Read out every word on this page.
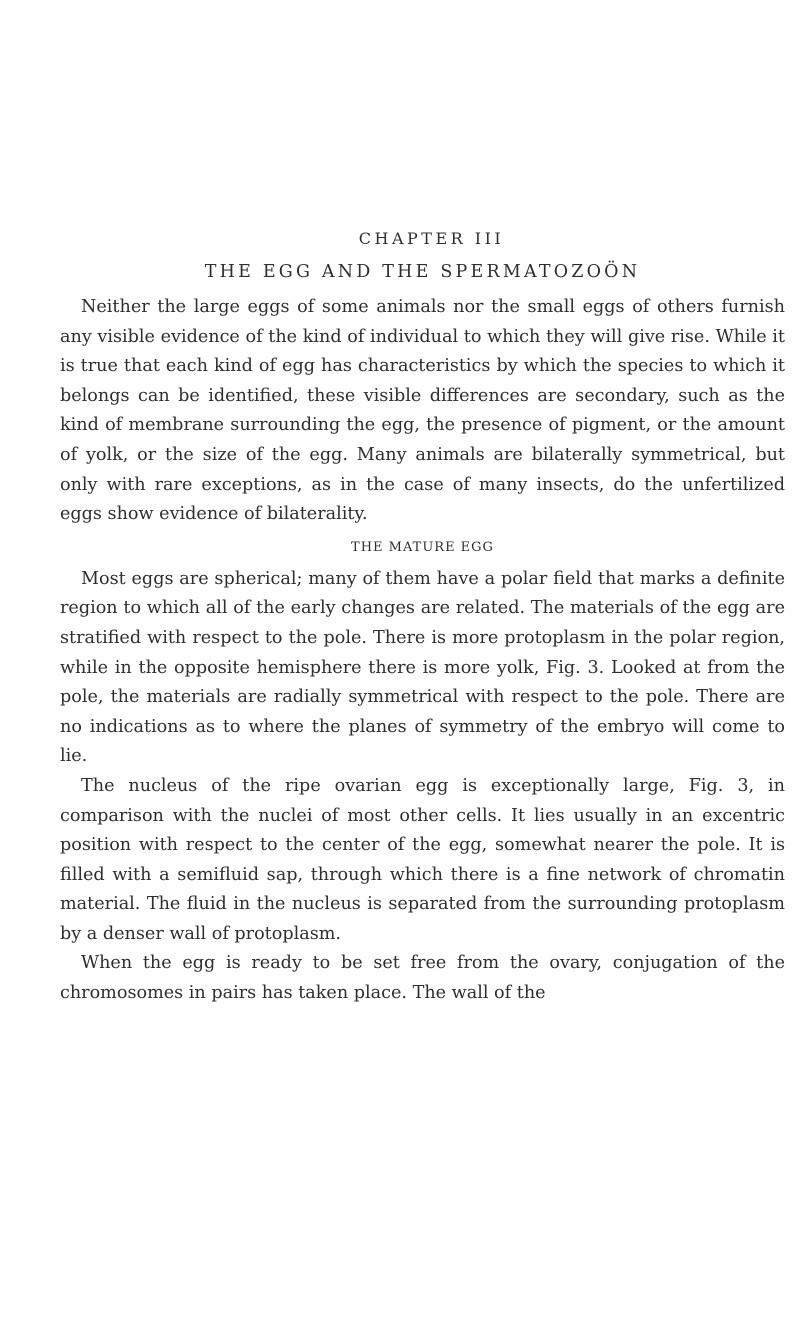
CHAPTER III
THE EGG AND THE SPERMATOZOÖN

Neither the large eggs of some animals nor the small eggs of others furnish any visible evidence of the kind of individual to which they will give rise. While it is true that each kind of egg has characteristics by which the species to which it belongs can be identified, these visible differences are secondary, such as the kind of membrane surrounding the egg, the presence of pigment, or the amount of yolk, or the size of the egg. Many animals are bilaterally symmetrical, but only with rare exceptions, as in the case of many insects, do the unfertilized eggs show evidence of bilaterality.

THE MATURE EGG

Most eggs are spherical; many of them have a polar field that marks a definite region to which all of the early changes are related. The materials of the egg are stratified with respect to the pole. There is more protoplasm in the polar region, while in the opposite hemisphere there is more yolk, Fig. 3. Looked at from the pole, the materials are radially symmetrical with respect to the pole. There are no indications as to where the planes of symmetry of the embryo will come to lie.

The nucleus of the ripe ovarian egg is exceptionally large, Fig. 3, in comparison with the nuclei of most other cells. It lies usually in an excentric position with respect to the center of the egg, somewhat nearer the pole. It is filled with a semifluid sap, through which there is a fine network of chromatin material. The fluid in the nucleus is separated from the surrounding protoplasm by a denser wall of protoplasm.

When the egg is ready to be set free from the ovary, conjugation of the chromosomes in pairs has taken place. The wall of the
